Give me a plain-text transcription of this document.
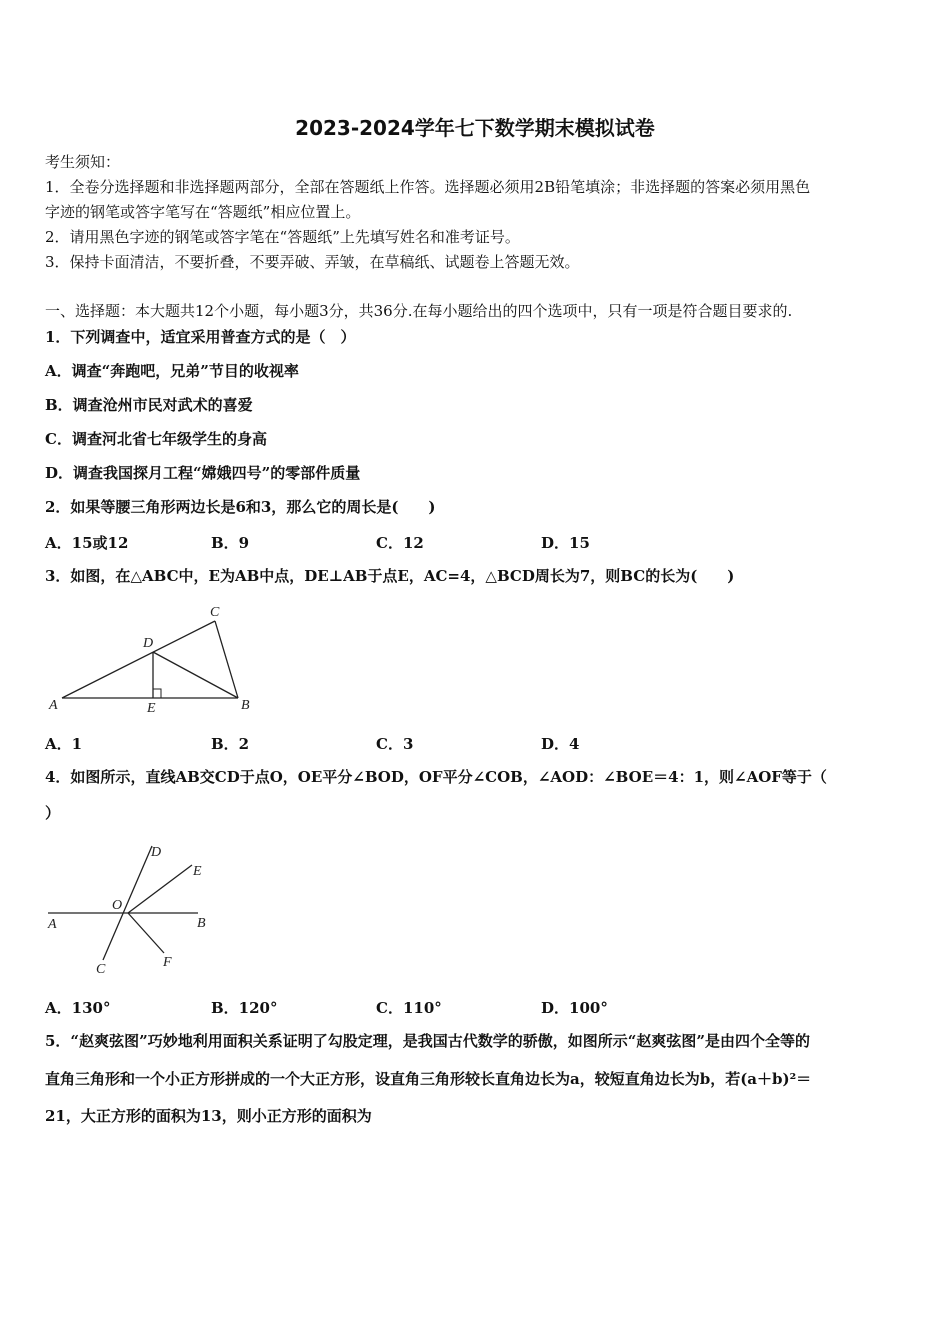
2023-2024学年七下数学期末模拟试卷
考生须知：
1．全卷分选择题和非选择题两部分，全部在答题纸上作答。选择题必须用2B铅笔填涂；非选择题的答案必须用黑色
字迹的钢笔或答字笔写在“答题纸”相应位置上。
2．请用黑色字迹的钢笔或答字笔在“答题纸”上先填写姓名和准考证号。
3．保持卡面清洁，不要折叠，不要弄破、弄皱，在草稿纸、试题卷上答题无效。
一、选择题：本大题共12个小题，每小题3分，共36分.在每小题给出的四个选项中，只有一项是符合题目要求的.
1．下列调查中，适宜采用普查方式的是（　）
A．调查“奔跑吧，兄弟”节目的收视率
B．调查沧州市民对武术的喜爱
C．调查河北省七年级学生的身高
D．调查我国探月工程“嫦娥四号”的零部件质量
2．如果等腰三角形两边长是6和3，那么它的周长是(　　)
A．15或12	B．9	C．12	D．15
3．如图，在△ABC中，E为AB中点，DE⊥AB于点E，AC=4，△BCD周长为7，则BC的长为(　　)
A	B
C
D
E
A．1	B．2	C．3	D．4
4．如图所示，直线AB交CD于点O，OE平分∠BOD，OF平分∠COB，∠AOD：∠BOE＝4：1，则∠AOF等于（
）
A	B
C
D
E
F
O
A．130°	B．120°	C．110°	D．100°
5．“赵爽弦图”巧妙地利用面积关系证明了勾股定理，是我国古代数学的骄傲，如图所示“赵爽弦图”是由四个全等的
直角三角形和一个小正方形拼成的一个大正方形，设直角三角形较长直角边长为a，较短直角边长为b，若(a＋b)²＝
21，大正方形的面积为13，则小正方形的面积为
